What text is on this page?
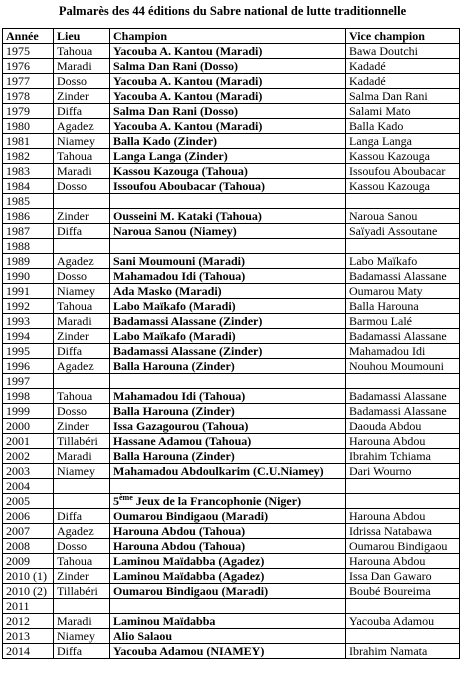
Palmarès des 44 éditions du Sabre national de lutte traditionnelle
Année	Lieu	Champion	Vice champion
1975	Tahoua	Yacouba A. Kantou (Maradi)	Bawa Doutchi
1976	Maradi	Salma Dan Rani (Dosso)	Kadadé
1977	Dosso	Yacouba A. Kantou (Maradi)	Kadadé
1978	Zinder	Yacouba A. Kantou (Maradi)	Salma Dan Rani
1979	Diffa	Salma Dan Rani (Dosso)	Salami Mato
1980	Agadez	Yacouba A. Kantou (Maradi)	Balla Kado
1981	Niamey	Balla Kado (Zinder)	Langa Langa
1982	Tahoua	Langa Langa (Zinder)	Kassou Kazouga
1983	Maradi	Kassou Kazouga (Tahoua)	Issoufou Aboubacar
1984	Dosso	Issoufou Aboubacar (Tahoua)	Kassou Kazouga
1985			
1986	Zinder	Ousseini M. Kataki (Tahoua)	Naroua Sanou
1987	Diffa	Naroua Sanou (Niamey)	Saïyadi Assoutane
1988			
1989	Agadez	Sani Moumouni (Maradi)	Labo Maïkafo
1990	Dosso	Mahamadou Idi (Tahoua)	Badamassi Alassane
1991	Niamey	Ada Masko (Maradi)	Oumarou Maty
1992	Tahoua	Labo Maïkafo (Maradi)	Balla Harouna
1993	Maradi	Badamassi Alassane (Zinder)	Barmou Lalé
1994	Zinder	Labo Maïkafo (Maradi)	Badamassi Alassane
1995	Diffa	Badamassi Alassane (Zinder)	Mahamadou Idi
1996	Agadez	Balla Harouna (Zinder)	Nouhou Moumouni
1997			
1998	Tahoua	Mahamadou Idi (Tahoua)	Badamassi Alassane
1999	Dosso	Balla Harouna (Zinder)	Badamassi Alassane
2000	Zinder	Issa Gazagourou (Tahoua)	Daouda Abdou
2001	Tillabéri	Hassane Adamou (Tahoua)	Harouna Abdou
2002	Maradi	Balla Harouna (Zinder)	Ibrahim Tchiama
2003	Niamey	Mahamadou Abdoulkarim (C.U.Niamey)	Dari Wourno
2004			
2005		5ème Jeux de la Francophonie (Niger)	
2006	Diffa	Oumarou Bindigaou (Maradi)	Harouna Abdou
2007	Agadez	Harouna Abdou (Tahoua)	Idrissa Natabawa
2008	Dosso	Harouna Abdou (Tahoua)	Oumarou Bindigaou
2009	Tahoua	Laminou Maïdabba (Agadez)	Harouna Abdou
2010 (1)	Zinder	Laminou Maïdabba (Agadez)	Issa Dan Gawaro
2010 (2)	Tillabéri	Oumarou Bindigaou (Maradi)	Boubé Boureima
2011			
2012	Maradi	Laminou Maïdabba	Yacouba Adamou
2013	Niamey	Alio Salaou	
2014	Diffa	Yacouba Adamou (NIAMEY)	Ibrahim Namata
